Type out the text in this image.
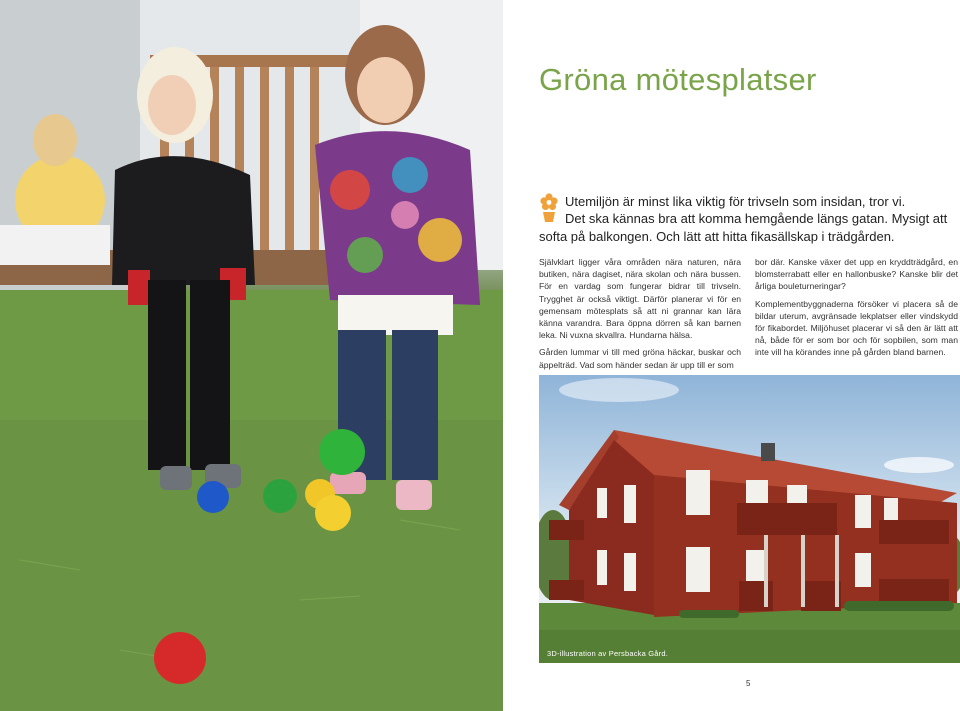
Gröna mötesplatser

Utemiljön är minst lika viktig för trivseln som insidan, tror vi.
Det ska kännas bra att komma hemgående längs gatan. Mysigt att
softa på balkongen. Och lätt att hitta fikasällskap i trädgården.

Självklart ligger våra områden nära naturen, nära butiken, nära dagiset, nära skolan och nära bussen. För en vardag som fungerar bidrar till trivseln. Trygghet är också viktigt. Därför planerar vi för en gemensam mötesplats så att ni grannar kan lära känna varandra. Bara öppna dörren så kan barnen leka. Ni vuxna skvallra. Hundarna hälsa.

Gården lummar vi till med gröna häckar, buskar och äppelträd. Vad som händer sedan är upp till er som

bor där. Kanske växer det upp en kryddträdgård, en blomsterrabatt eller en hallonbuske? Kanske blir det årliga bouleturneringar?

Komplementbyggnaderna försöker vi placera så de bildar uterum, avgränsade lekplatser eller vindskydd för fikabordet. Miljöhuset placerar vi så den är lätt att nå, både för er som bor och för sopbilen, som man inte vill ha körandes inne på gården bland barnen.

3D-illustration av Persbacka Gård.
5
